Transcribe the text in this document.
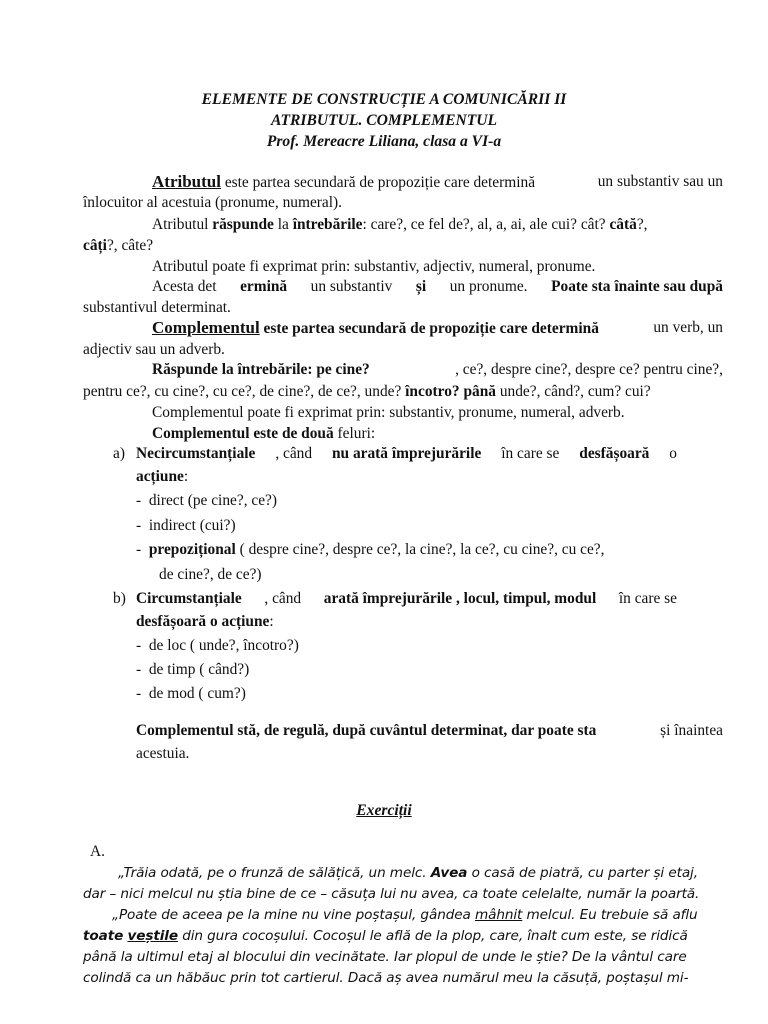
ELEMENTE DE CONSTRUCȚIE A COMUNICĂRII II
ATRIBUTUL. COMPLEMENTUL
Prof. Mereacre Liliana, clasa a VI-a
Atributul este partea secundară de propoziție care determină	un substantiv sau un
înlocuitor al acestuia (pronume, numeral).
Atributul răspunde la întrebările: care?, ce fel de?, al, a, ai, ale cui? cât? câtă?,
câți?, câte?
Atributul poate fi exprimat prin: substantiv, adjectiv, numeral, pronume.
Acesta det ermină un substantiv și un pronume. Poate sta înainte sau după
substantivul determinat.
Complementul este partea secundară de propoziție care determină	un verb, un
adjectiv sau un adverb.
Răspunde la întrebările: pe cine?	, ce?, despre cine?, despre ce? pentru cine?,
pentru ce?, cu cine?, cu ce?, de cine?, de ce?, unde? încotro? până unde?, când?, cum? cui?
Complementul poate fi exprimat prin: substantiv, pronume, numeral, adverb.
Complementul este de două feluri:
a) Necircumstanțiale , când nu arată împrejurările în care se desfășoară o
acțiune:
- direct (pe cine?, ce?)
- indirect (cui?)
- prepozițional ( despre cine?, despre ce?, la cine?, la ce?, cu cine?, cu ce?,
de cine?, de ce?)
b) Circumstanțiale , când arată împrejurările , locul, timpul, modul în care se
desfășoară o acțiune:
- de loc ( unde?, încotro?)
- de timp ( când?)
- de mod ( cum?)
Complementul stă, de regulă, după cuvântul determinat, dar poate sta	și înaintea
acestuia.
Exerciții
A.
„Trăia odată, pe o frunză de sălățică, un melc. Avea o casă de piatră, cu parter și etaj,
dar – nici melcul nu știa bine de ce – căsuța lui nu avea, ca toate celelalte, număr la poartă.
„Poate de aceea pe la mine nu vine poștașul, gândea mâhnit melcul. Eu trebuie să aflu
toate veștile din gura cocoșului. Cocoșul le află de la plop, care, înalt cum este, se ridică
până la ultimul etaj al blocului din vecinătate. Iar plopul de unde le știe? De la vântul care
colindă ca un hăbăuc prin tot cartierul. Dacă aș avea numărul meu la căsuță, poștașul mi-
